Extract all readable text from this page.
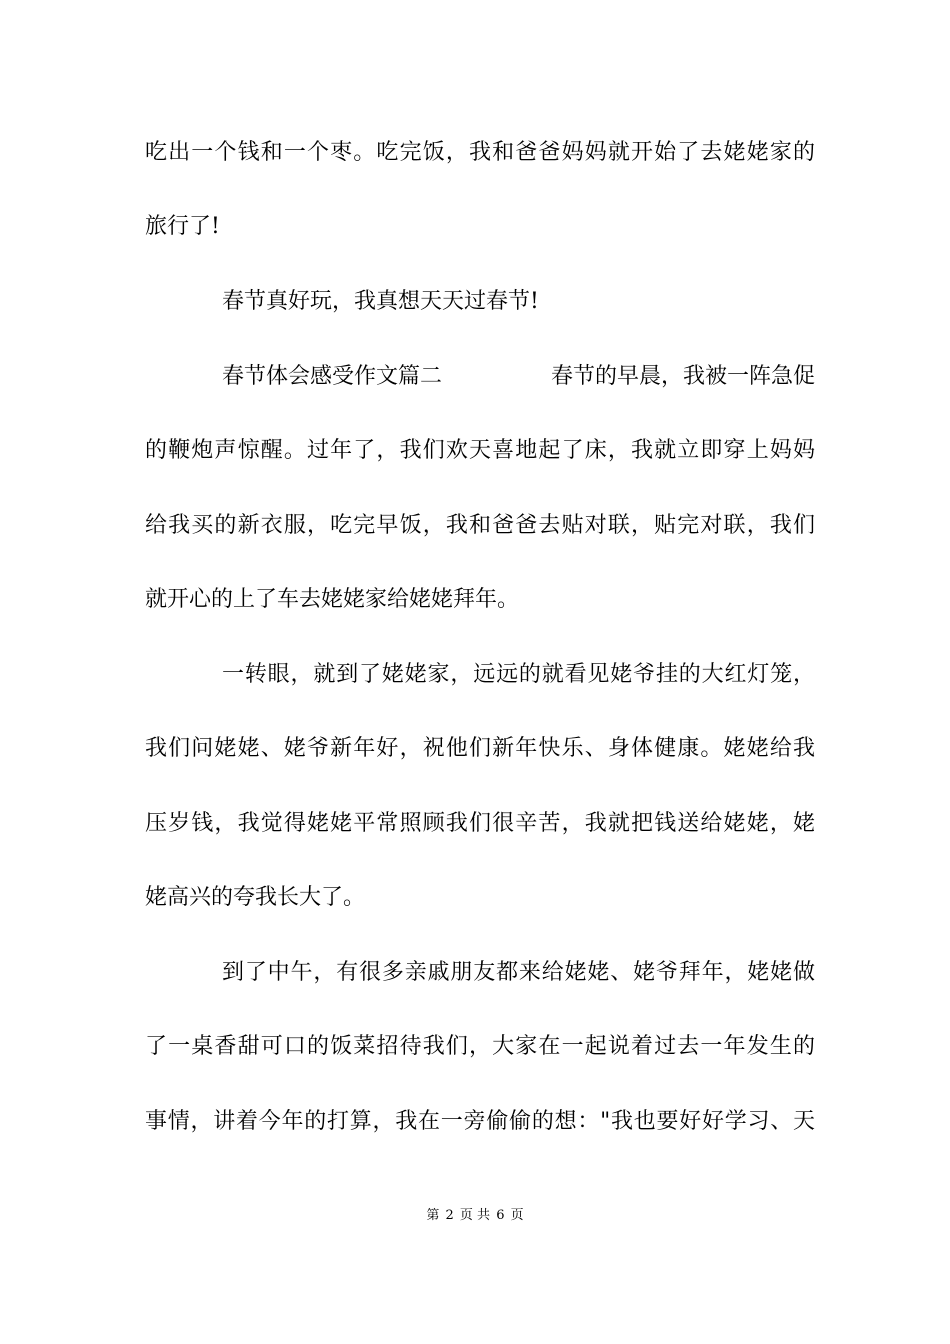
吃出一个钱和一个枣。吃完饭，我和爸爸妈妈就开始了去姥姥家的
旅行了!
春节真好玩，我真想天天过春节!
春节体会感受作文篇二	春节的早晨，我被一阵急促
的鞭炮声惊醒。过年了，我们欢天喜地起了床，我就立即穿上妈妈
给我买的新衣服，吃完早饭，我和爸爸去贴对联，贴完对联，我们
就开心的上了车去姥姥家给姥姥拜年。
一转眼，就到了姥姥家，远远的就看见姥爷挂的大红灯笼，
我们问姥姥、姥爷新年好，祝他们新年快乐、身体健康。姥姥给我
压岁钱，我觉得姥姥平常照顾我们很辛苦，我就把钱送给姥姥，姥
姥高兴的夸我长大了。
到了中午，有很多亲戚朋友都来给姥姥、姥爷拜年，姥姥做
了一桌香甜可口的饭菜招待我们，大家在一起说着过去一年发生的
事情，讲着今年的打算，我在一旁偷偷的想："我也要好好学习、天
第 2 页 共 6 页
